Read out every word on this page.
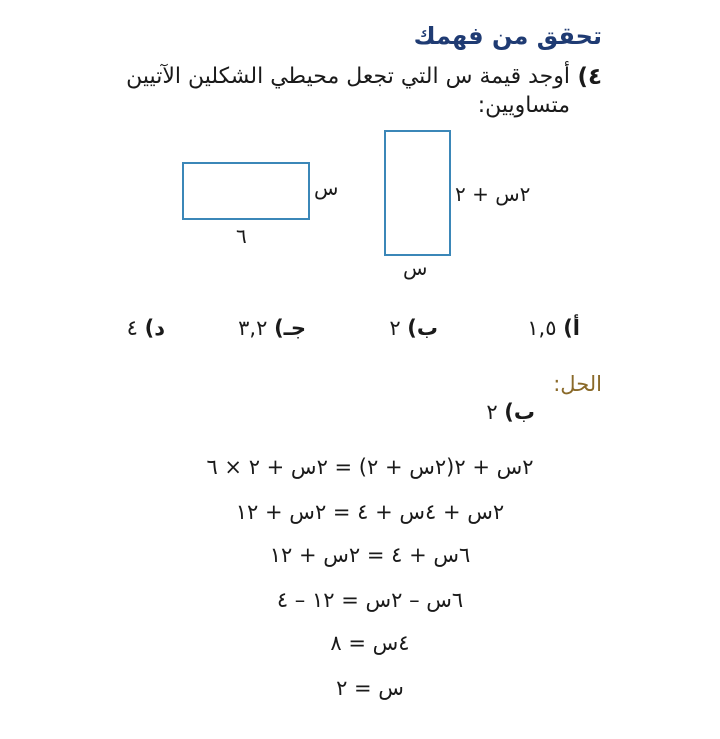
تحقق من فهمك
٤)
أوجد قيمة س التي تجعل محيطي الشكلين الآتيين
متساويين:
٦
س
س
٢س + ٢
أ) ١,٥
ب) ٢
جـ) ٣,٢
د) ٤
الحل:
ب) ٢
٢س + ٢(٢س + ٢) = ٢س + ٢ × ٦
٢س + ٤س + ٤ = ٢س + ١٢
٦س + ٤ = ٢س + ١٢
٦س – ٢س = ١٢ – ٤
٤س = ٨
س = ٢
